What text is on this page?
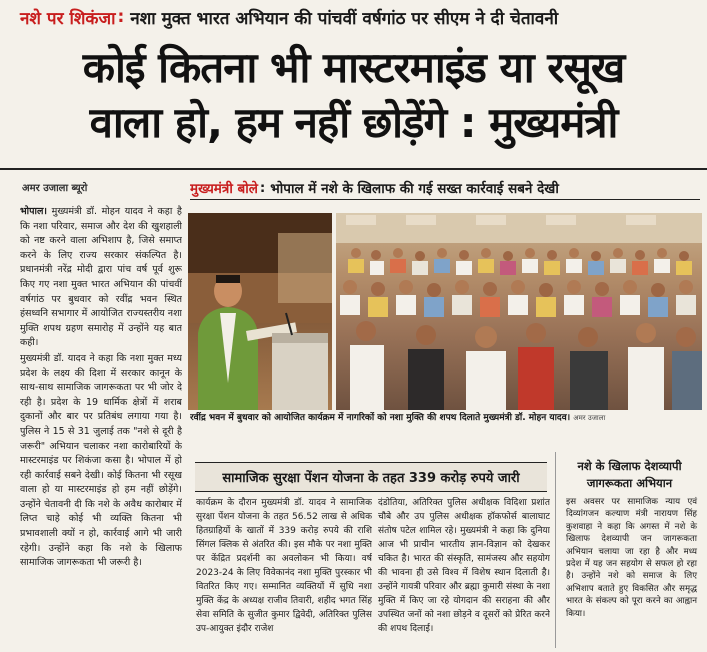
नशे पर शिकंजा : नशा मुक्त भारत अभियान की पांचवीं वर्षगांठ पर सीएम ने दी चेतावनी
कोई कितना भी मास्टरमाइंड या रसूख
वाला हो, हम नहीं छोड़ेंगे : मुख्यमंत्री
अमर उजाला ब्यूरो

भोपाल। मुख्यमंत्री डॉ. मोहन यादव ने कहा है कि नशा परिवार, समाज और देश की खुशहाली को नष्ट करने वाला अभिशाप है, जिसे समाप्त करने के लिए राज्य सरकार संकल्पित है। प्रधानमंत्री नरेंद्र मोदी द्वारा पांच वर्ष पूर्व शुरू किए गए नशा मुक्त भारत अभियान की पांचवीं वर्षगांठ पर बुधवार को रवींद्र भवन स्थित हंसध्वनि सभागार में आयोजित राज्यस्तरीय नशा मुक्ति शपथ ग्रहण समारोह में उन्होंने यह बात कही।

मुख्यमंत्री डॉ. यादव ने कहा कि नशा मुक्त मध्य प्रदेश के लक्ष्य की दिशा में सरकार कानून के साथ-साथ सामाजिक जागरूकता पर भी जोर दे रही है। प्रदेश के 19 धार्मिक क्षेत्रों में शराब दुकानों और बार पर प्रतिबंध लगाया गया है। पुलिस ने 15 से 31 जुलाई तक "नशे से दूरी है जरूरी" अभियान चलाकर नशा कारोबारियों के मास्टरमाइंड पर शिकंजा कसा है। भोपाल में हो रही कार्रवाई सबने देखी। कोई कितना भी रसूख वाला हो या मास्टरमाइंड हो हम नहीं छोड़ेंगे। उन्होंने चेतावनी दी कि नशे के अवैध कारोबार में लिप्त चाहे कोई भी व्यक्ति कितना भी प्रभावशाली क्यों न हो, कार्रवाई आगे भी जारी रहेगी। उन्होंने कहा कि नशे के खिलाफ सामाजिक जागरूकता भी जरूरी है।

मुख्यमंत्री बोले : भोपाल में नशे के खिलाफ की गई सख्त कार्रवाई सबने देखी
रवींद्र भवन में बुधवार को आयोजित कार्यक्रम में नागरिकों को नशा मुक्ति की शपथ दिलाते मुख्यमंत्री डॉ. मोहन यादव। अमर उजाला
सामाजिक सुरक्षा पेंशन योजना के तहत 339 करोड़ रुपये जारी

कार्यक्रम के दौरान मुख्यमंत्री डॉ. यादव ने सामाजिक सुरक्षा पेंशन योजना के तहत 56.52 लाख से अधिक हितग्राहियों के खातों में 339 करोड़ रुपये की राशि सिंगल क्लिक से अंतरित की। इस मौके पर नशा मुक्ति पर केंद्रित प्रदर्शनी का अवलोकन भी किया। वर्ष 2023-24 के लिए विवेकानंद नशा मुक्ति पुरस्कार भी वितरित किए गए। सम्मानित व्यक्तियों में सुधि नशा मुक्ति केंद्र के अध्यक्ष राजीव तिवारी, शहीद भगत सिंह सेवा समिति के सुजीत कुमार द्विवेदी, अतिरिक्त पुलिस उप-आयुक्त इंदौर राजेश

दंडोतिया, अतिरिक्त पुलिस अधीक्षक विदिशा प्रशांत चौबे और उप पुलिस अधीक्षक हॉकफोर्स बालाघाट संतोष पटेल शामिल रहे। मुख्यमंत्री ने कहा कि दुनिया आज भी प्राचीन भारतीय ज्ञान-विज्ञान को देखकर चकित है। भारत की संस्कृति, सामंजस्य और सहयोग की भावना ही उसे विश्व में विशेष स्थान दिलाती है। उन्होंने गायत्री परिवार और ब्रह्मा कुमारी संस्था के नशा मुक्ति में किए जा रहे योगदान की सराहना की और उपस्थित जनों को नशा छोड़ने व दूसरों को प्रेरित करने की शपथ दिलाई।

नशे के खिलाफ देशव्यापी जागरूकता अभियान
इस अवसर पर सामाजिक न्याय एवं दिव्यांगजन कल्याण मंत्री नारायण सिंह कुशवाहा ने कहा कि अगस्त में नशे के खिलाफ देशव्यापी जन जागरूकता अभियान चलाया जा रहा है और मध्य प्रदेश में यह जन सहयोग से सफल हो रहा है। उन्होंने नशे को समाज के लिए अभिशाप बताते हुए विकसित और समृद्ध भारत के संकल्प को पूरा करने का आह्वान किया।
